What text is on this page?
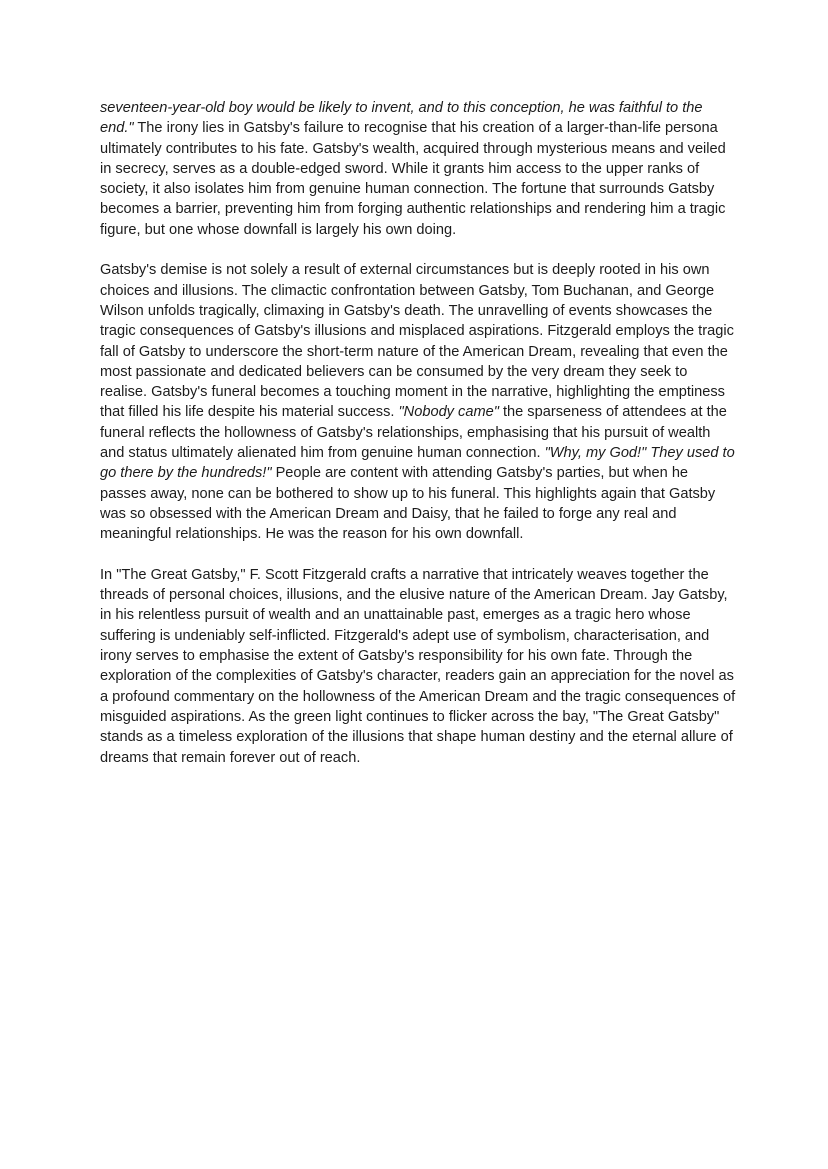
seventeen-year-old boy would be likely to invent, and to this conception, he was faithful to the end." The irony lies in Gatsby's failure to recognise that his creation of a larger-than-life persona ultimately contributes to his fate. Gatsby's wealth, acquired through mysterious means and veiled in secrecy, serves as a double-edged sword. While it grants him access to the upper ranks of society, it also isolates him from genuine human connection. The fortune that surrounds Gatsby becomes a barrier, preventing him from forging authentic relationships and rendering him a tragic figure, but one whose downfall is largely his own doing.

Gatsby's demise is not solely a result of external circumstances but is deeply rooted in his own choices and illusions. The climactic confrontation between Gatsby, Tom Buchanan, and George Wilson unfolds tragically, climaxing in Gatsby's death. The unravelling of events showcases the tragic consequences of Gatsby's illusions and misplaced aspirations. Fitzgerald employs the tragic fall of Gatsby to underscore the short-term nature of the American Dream, revealing that even the most passionate and dedicated believers can be consumed by the very dream they seek to realise. Gatsby's funeral becomes a touching moment in the narrative, highlighting the emptiness that filled his life despite his material success. "Nobody came" the sparseness of attendees at the funeral reflects the hollowness of Gatsby's relationships, emphasising that his pursuit of wealth and status ultimately alienated him from genuine human connection. "Why, my God!" They used to go there by the hundreds!" People are content with attending Gatsby's parties, but when he passes away, none can be bothered to show up to his funeral. This highlights again that Gatsby was so obsessed with the American Dream and Daisy, that he failed to forge any real and meaningful relationships. He was the reason for his own downfall.

In "The Great Gatsby," F. Scott Fitzgerald crafts a narrative that intricately weaves together the threads of personal choices, illusions, and the elusive nature of the American Dream. Jay Gatsby, in his relentless pursuit of wealth and an unattainable past, emerges as a tragic hero whose suffering is undeniably self-inflicted. Fitzgerald's adept use of symbolism, characterisation, and irony serves to emphasise the extent of Gatsby's responsibility for his own fate. Through the exploration of the complexities of Gatsby's character, readers gain an appreciation for the novel as a profound commentary on the hollowness of the American Dream and the tragic consequences of misguided aspirations. As the green light continues to flicker across the bay, "The Great Gatsby" stands as a timeless exploration of the illusions that shape human destiny and the eternal allure of dreams that remain forever out of reach.
